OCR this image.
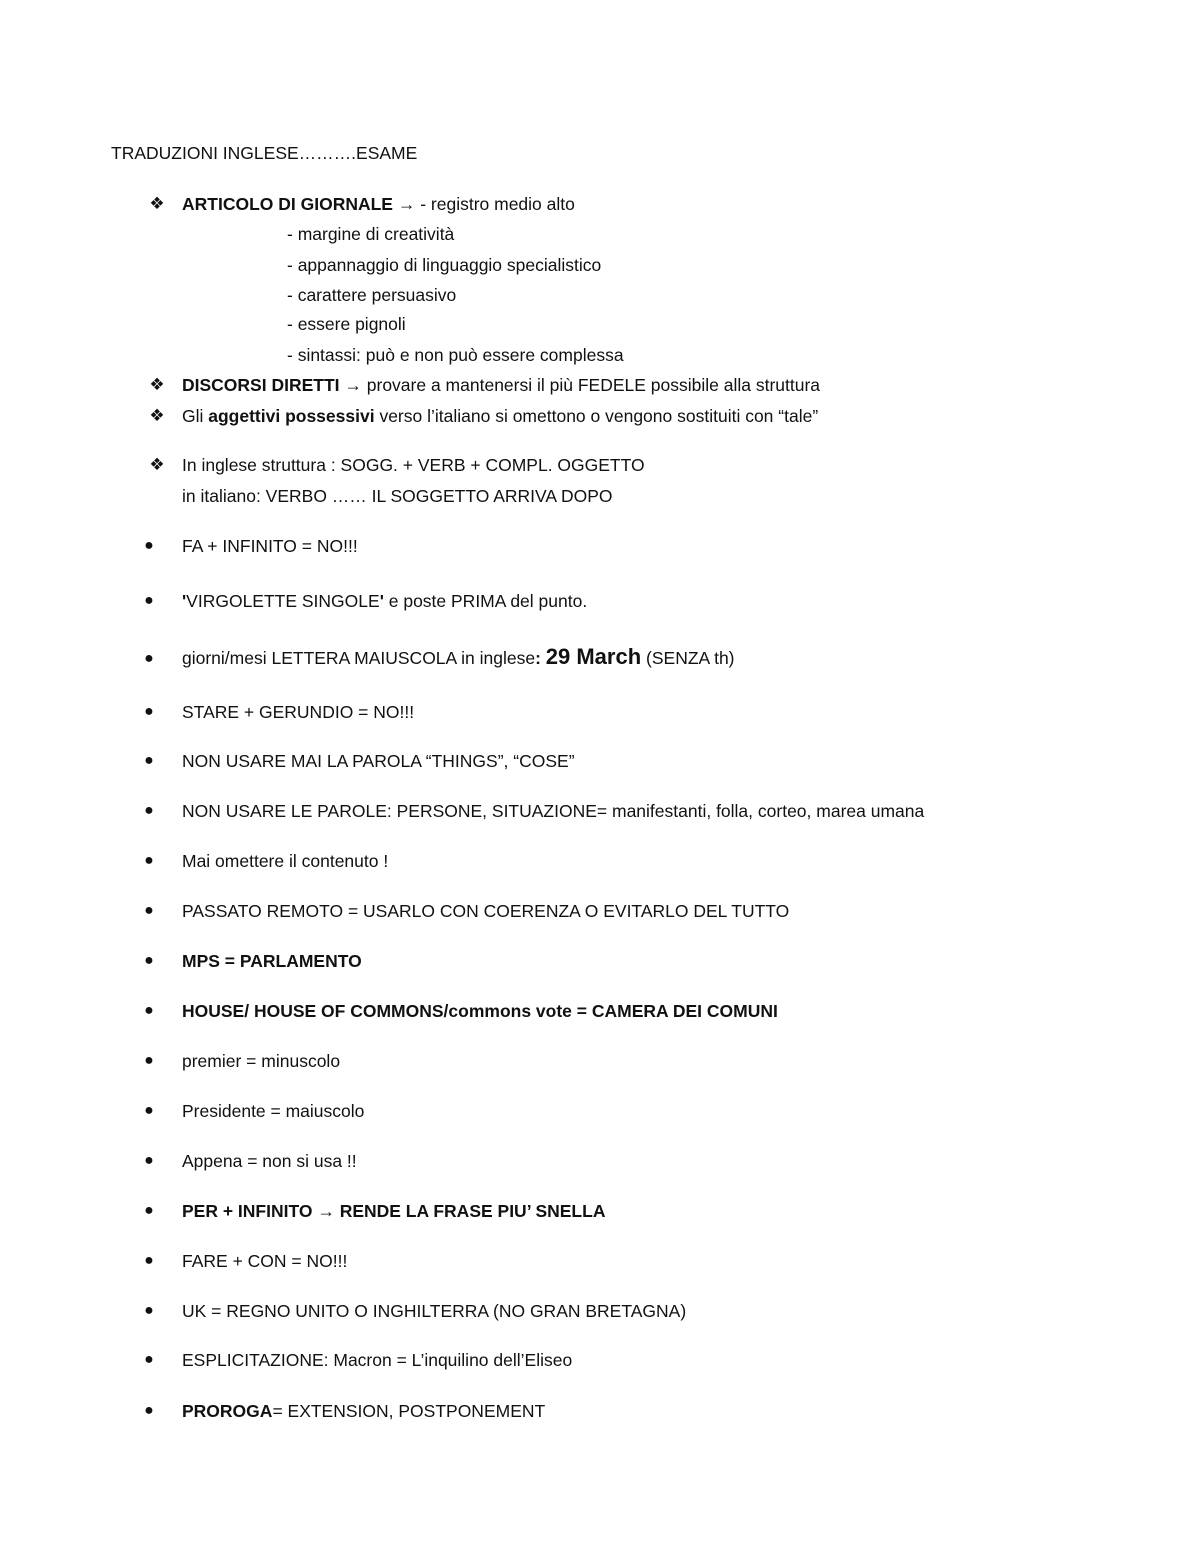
TRADUZIONI INGLESE……….ESAME
❖ ARTICOLO DI GIORNALE → - registro medio alto
- margine di creatività
- appannaggio di linguaggio specialistico
- carattere persuasivo
- essere pignoli
- sintassi: può e non può essere complessa
❖ DISCORSI DIRETTI → provare a mantenersi il più FEDELE possibile alla struttura
❖ Gli aggettivi possessivi verso l’italiano si omettono o vengono sostituiti con “tale”
❖ In inglese struttura : SOGG. + VERB + COMPL. OGGETTO
in italiano: VERBO …… IL SOGGETTO ARRIVA DOPO
● FA + INFINITO = NO!!!
● 'VIRGOLETTE SINGOLE' e poste PRIMA del punto.
● giorni/mesi LETTERA MAIUSCOLA in inglese: 29 March (SENZA th)
● STARE + GERUNDIO = NO!!!
● NON USARE MAI LA PAROLA “THINGS”, “COSE”
● NON USARE LE PAROLE: PERSONE, SITUAZIONE= manifestanti, folla, corteo, marea umana
● Mai omettere il contenuto !
● PASSATO REMOTO = USARLO CON COERENZA O EVITARLO DEL TUTTO
● MPS = PARLAMENTO
● HOUSE/ HOUSE OF COMMONS/commons vote = CAMERA DEI COMUNI
● premier = minuscolo
● Presidente = maiuscolo
● Appena = non si usa !!
● PER + INFINITO → RENDE LA FRASE PIU’ SNELLA
● FARE + CON = NO!!!
● UK = REGNO UNITO O INGHILTERRA (NO GRAN BRETAGNA)
● ESPLICITAZIONE: Macron = L’inquilino dell’Eliseo
● PROROGA= EXTENSION, POSTPONEMENT
